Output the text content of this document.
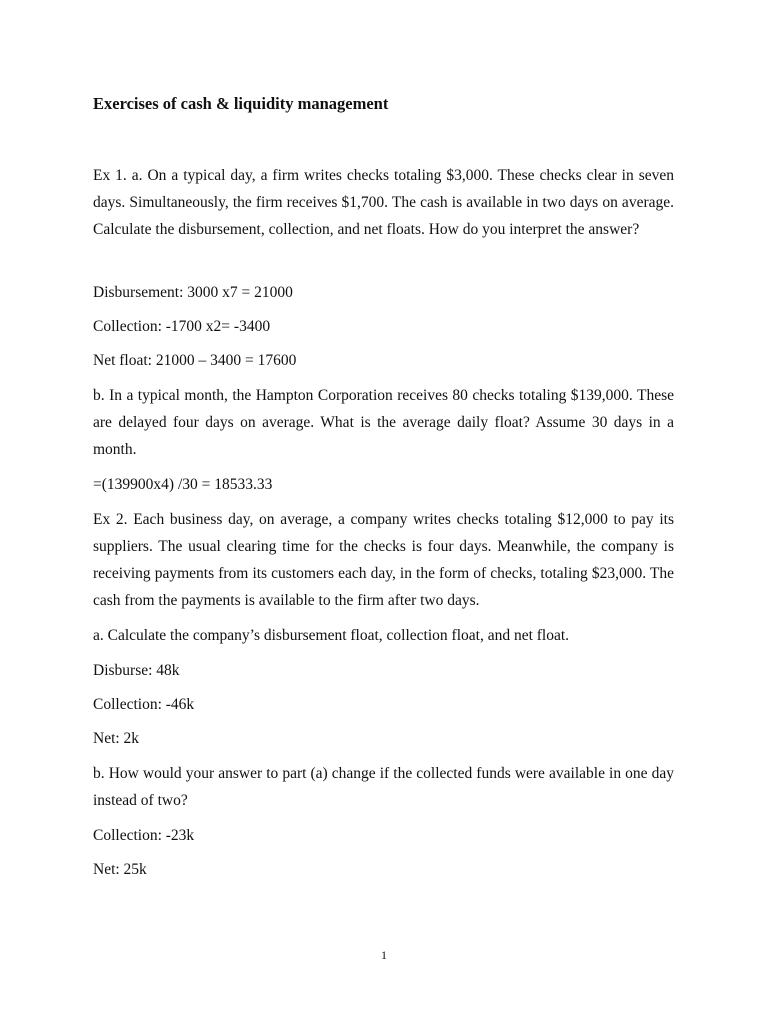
Exercises of cash & liquidity management
Ex 1. a. On a typical day, a firm writes checks totaling $3,000. These checks clear in seven days. Simultaneously, the firm receives $1,700. The cash is available in two days on average. Calculate the disbursement, collection, and net floats. How do you interpret the answer?
Disbursement: 3000 x7 = 21000
Collection: -1700 x2= -3400
Net float: 21000 – 3400 = 17600
b. In a typical month, the Hampton Corporation receives 80 checks totaling $139,000. These are delayed four days on average. What is the average daily float? Assume 30 days in a month.
=(139900x4) /30 = 18533.33
Ex 2. Each business day, on average, a company writes checks totaling $12,000 to pay its suppliers. The usual clearing time for the checks is four days. Meanwhile, the company is receiving payments from its customers each day, in the form of checks, totaling $23,000. The cash from the payments is available to the firm after two days.
a. Calculate the company’s disbursement float, collection float, and net float.
Disburse: 48k
Collection: -46k
Net: 2k
b. How would your answer to part (a) change if the collected funds were available in one day instead of two?
Collection: -23k
Net: 25k
1
